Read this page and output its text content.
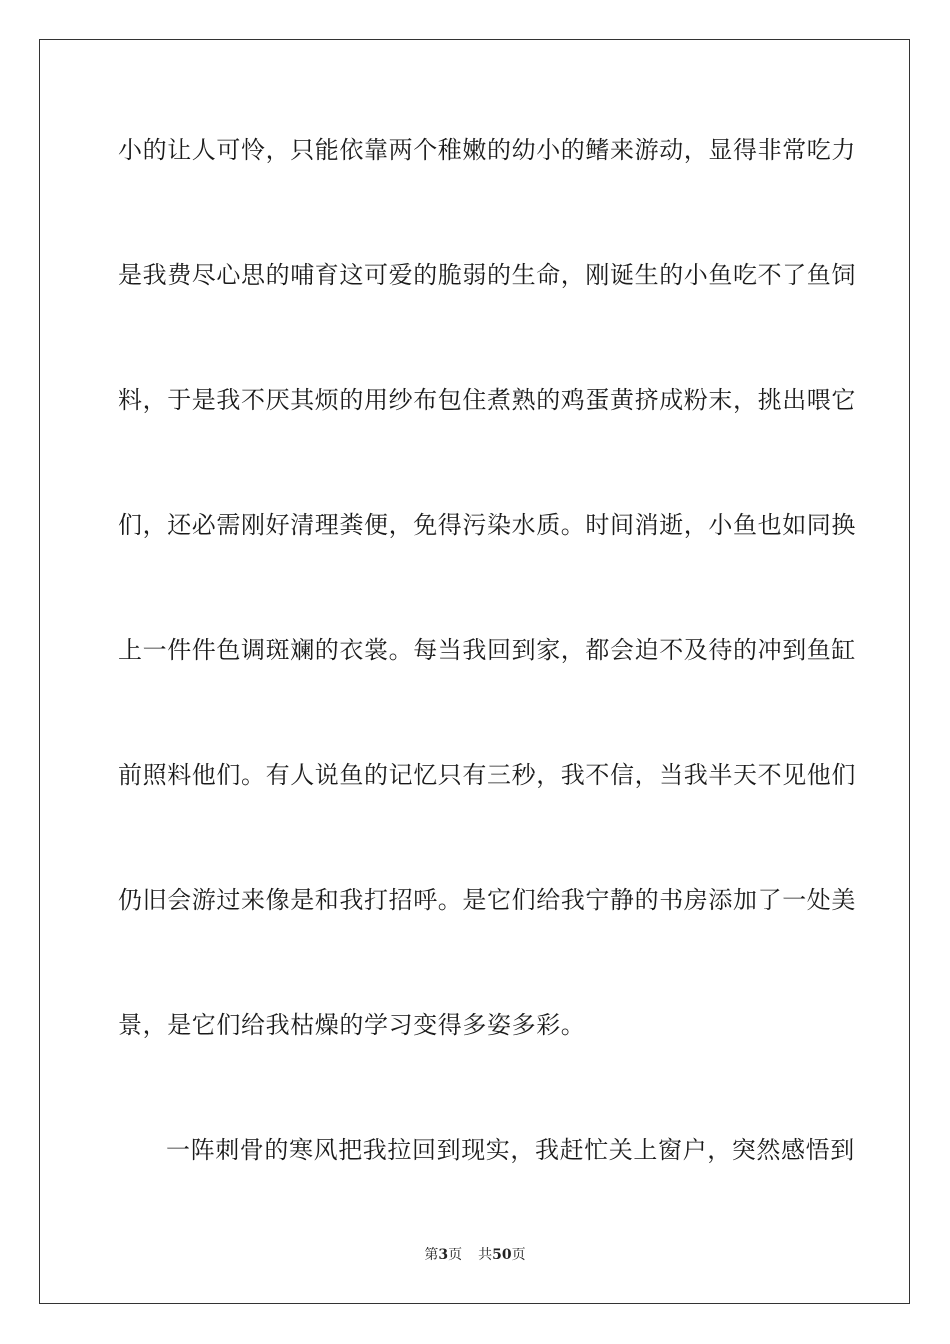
小的让人可怜，只能依靠两个稚嫩的幼小的鳍来游动，显得非常吃力
是我费尽心思的哺育这可爱的脆弱的生命，刚诞生的小鱼吃不了鱼饲
料，于是我不厌其烦的用纱布包住煮熟的鸡蛋黄挤成粉末，挑出喂它
们，还必需刚好清理粪便，免得污染水质。时间消逝，小鱼也如同换
上一件件色调斑斓的衣裳。每当我回到家，都会迫不及待的冲到鱼缸
前照料他们。有人说鱼的记忆只有三秒，我不信，当我半天不见他们
仍旧会游过来像是和我打招呼。是它们给我宁静的书房添加了一处美
景，是它们给我枯燥的学习变得多姿多彩。
一阵刺骨的寒风把我拉回到现实，我赶忙关上窗户，突然感悟到
第3页 共50页
